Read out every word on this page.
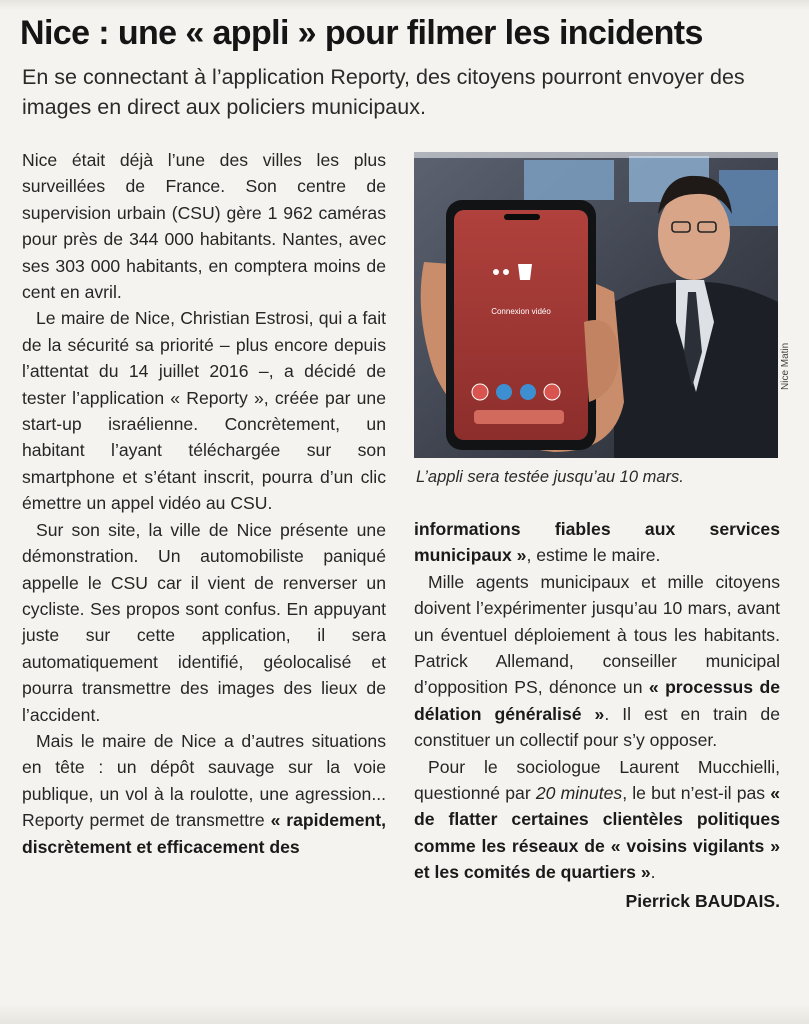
Nice : une « appli » pour filmer les incidents

En se connectant à l’application Reporty, des citoyens pourront envoyer des images en direct aux policiers municipaux.

Nice était déjà l’une des villes les plus surveillées de France. Son centre de supervision urbain (CSU) gère 1 962 caméras pour près de 344 000 habitants. Nantes, avec ses 303 000 habitants, en comptera moins de cent en avril.

Le maire de Nice, Christian Estrosi, qui a fait de la sécurité sa priorité – plus encore depuis l’attentat du 14 juillet 2016 –, a décidé de tester l’application « Reporty », créée par une start-up israélienne. Concrètement, un habitant l’ayant téléchargée sur son smartphone et s’étant inscrit, pourra d’un clic émettre un appel vidéo au CSU.

Sur son site, la ville de Nice présente une démonstration. Un automobiliste paniqué appelle le CSU car il vient de renverser un cycliste. Ses propos sont confus. En appuyant juste sur cette application, il sera automatiquement identifié, géolocalisé et pourra transmettre des images des lieux de l’accident.

Mais le maire de Nice a d’autres situations en tête : un dépôt sauvage sur la voie publique, un vol à la roulotte, une agression... Reporty permet de transmettre « rapidement, discrètement et efficacement des

Connexion vidéo
Nice Matin
L’appli sera testée jusqu’au 10 mars.

informations fiables aux services municipaux », estime le maire.

Mille agents municipaux et mille citoyens doivent l’expérimenter jusqu’au 10 mars, avant un éventuel déploiement à tous les habitants. Patrick Allemand, conseiller municipal d’opposition PS, dénonce un « processus de délation généralisé ». Il est en train de constituer un collectif pour s’y opposer.

Pour le sociologue Laurent Mucchielli, questionné par 20 minutes, le but n’est-il pas « de flatter certaines clientèles politiques comme les réseaux de « voisins vigilants » et les comités de quartiers ».

Pierrick BAUDAIS.
